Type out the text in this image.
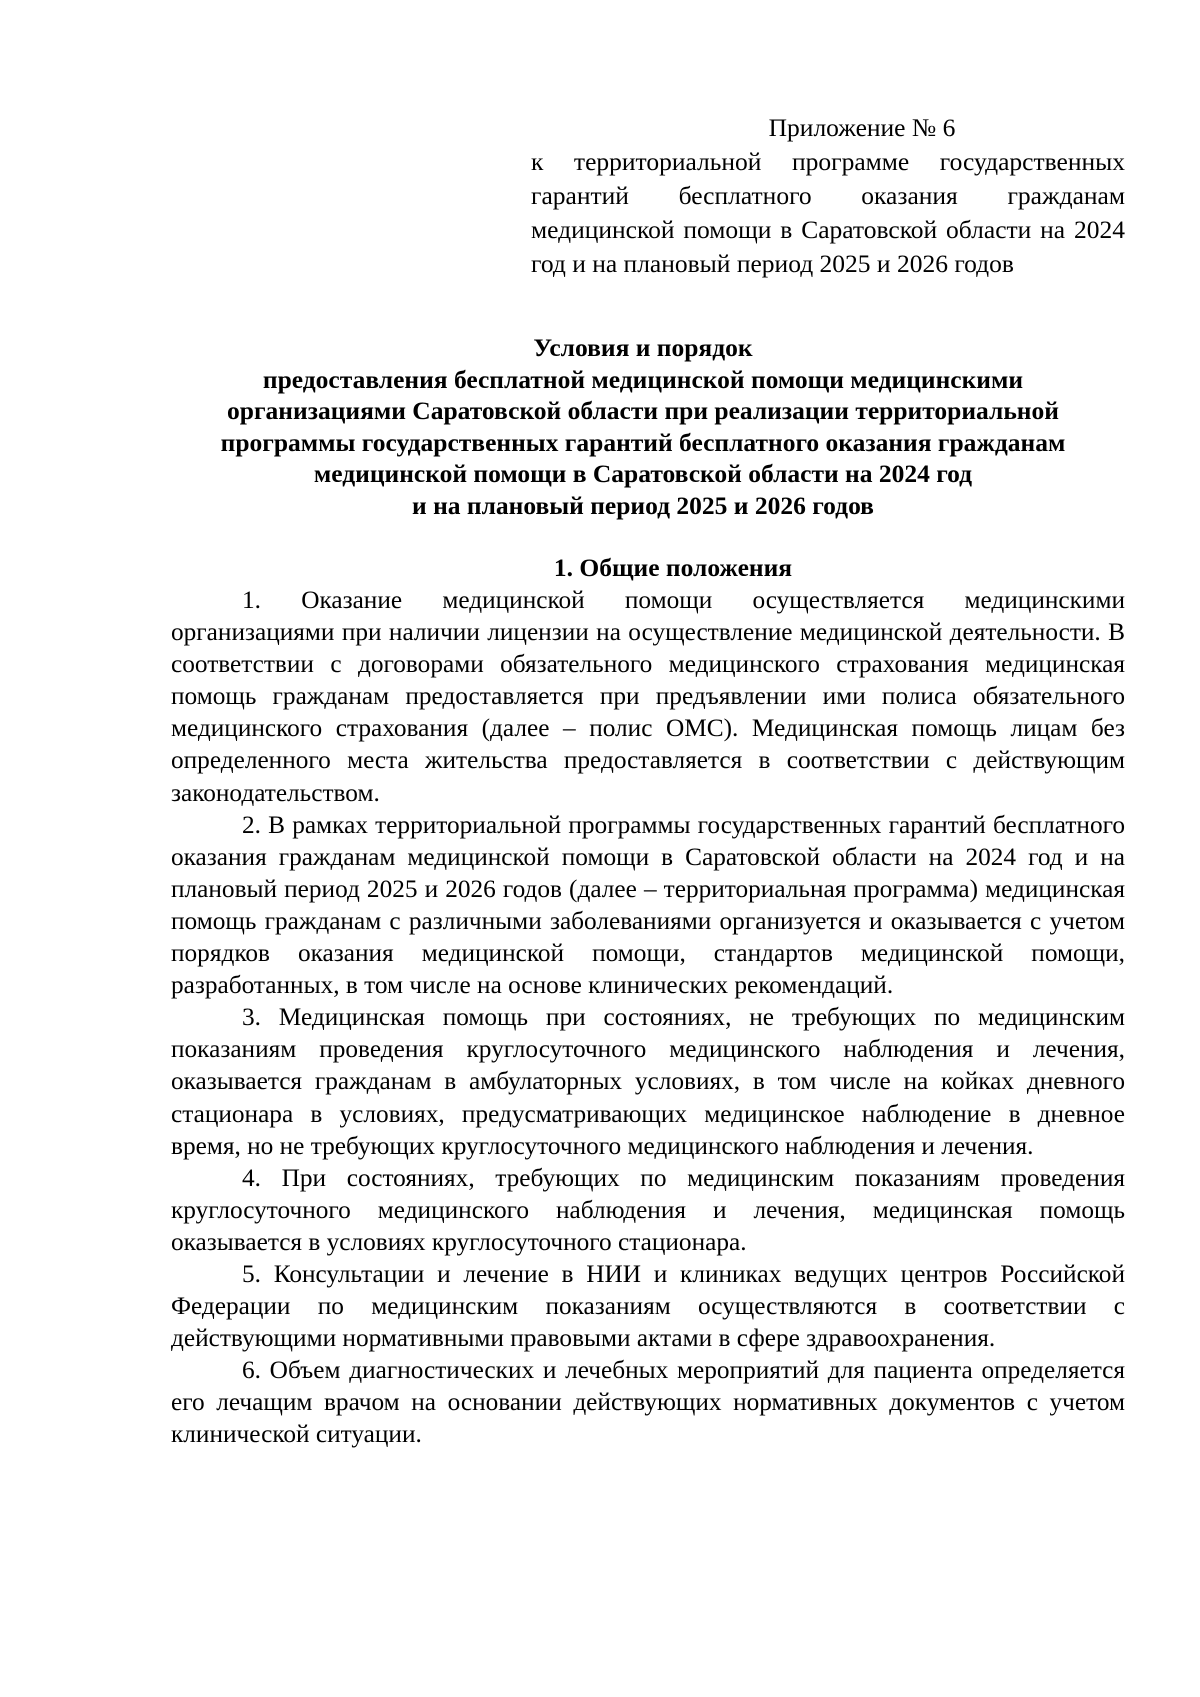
Приложение № 6
к территориальной программе государственных гарантий бесплатного оказания гражданам медицинской помощи в Саратовской области на 2024 год и на плановый период 2025 и 2026 годов
Условия и порядок
предоставления бесплатной медицинской помощи медицинскими
организациями Саратовской области при реализации территориальной
программы государственных гарантий бесплатного оказания гражданам
медицинской помощи в Саратовской области на 2024 год
и на плановый период 2025 и 2026 годов
1. Общие положения

1. Оказание медицинской помощи осуществляется медицинскими организациями при наличии лицензии на осуществление медицинской деятельности. В соответствии с договорами обязательного медицинского страхования медицинская помощь гражданам предоставляется при предъявлении ими полиса обязательного медицинского страхования (далее – полис ОМС). Медицинская помощь лицам без определенного места жительства предоставляется в соответствии с действующим законодательством.

2. В рамках территориальной программы государственных гарантий бесплатного оказания гражданам медицинской помощи в Саратовской области на 2024 год и на плановый период 2025 и 2026 годов (далее – территориальная программа) медицинская помощь гражданам с различными заболеваниями организуется и оказывается с учетом порядков оказания медицинской помощи, стандартов медицинской помощи, разработанных, в том числе на основе клинических рекомендаций.

3. Медицинская помощь при состояниях, не требующих по медицинским показаниям проведения круглосуточного медицинского наблюдения и лечения, оказывается гражданам в амбулаторных условиях, в том числе на койках дневного стационара в условиях, предусматривающих медицинское наблюдение в дневное время, но не требующих круглосуточного медицинского наблюдения и лечения.

4. При состояниях, требующих по медицинским показаниям проведения круглосуточного медицинского наблюдения и лечения, медицинская помощь оказывается в условиях круглосуточного стационара.

5. Консультации и лечение в НИИ и клиниках ведущих центров Российской Федерации по медицинским показаниям осуществляются в соответствии с действующими нормативными правовыми актами в сфере здравоохранения.

6. Объем диагностических и лечебных мероприятий для пациента определяется его лечащим врачом на основании действующих нормативных документов с учетом клинической ситуации.
